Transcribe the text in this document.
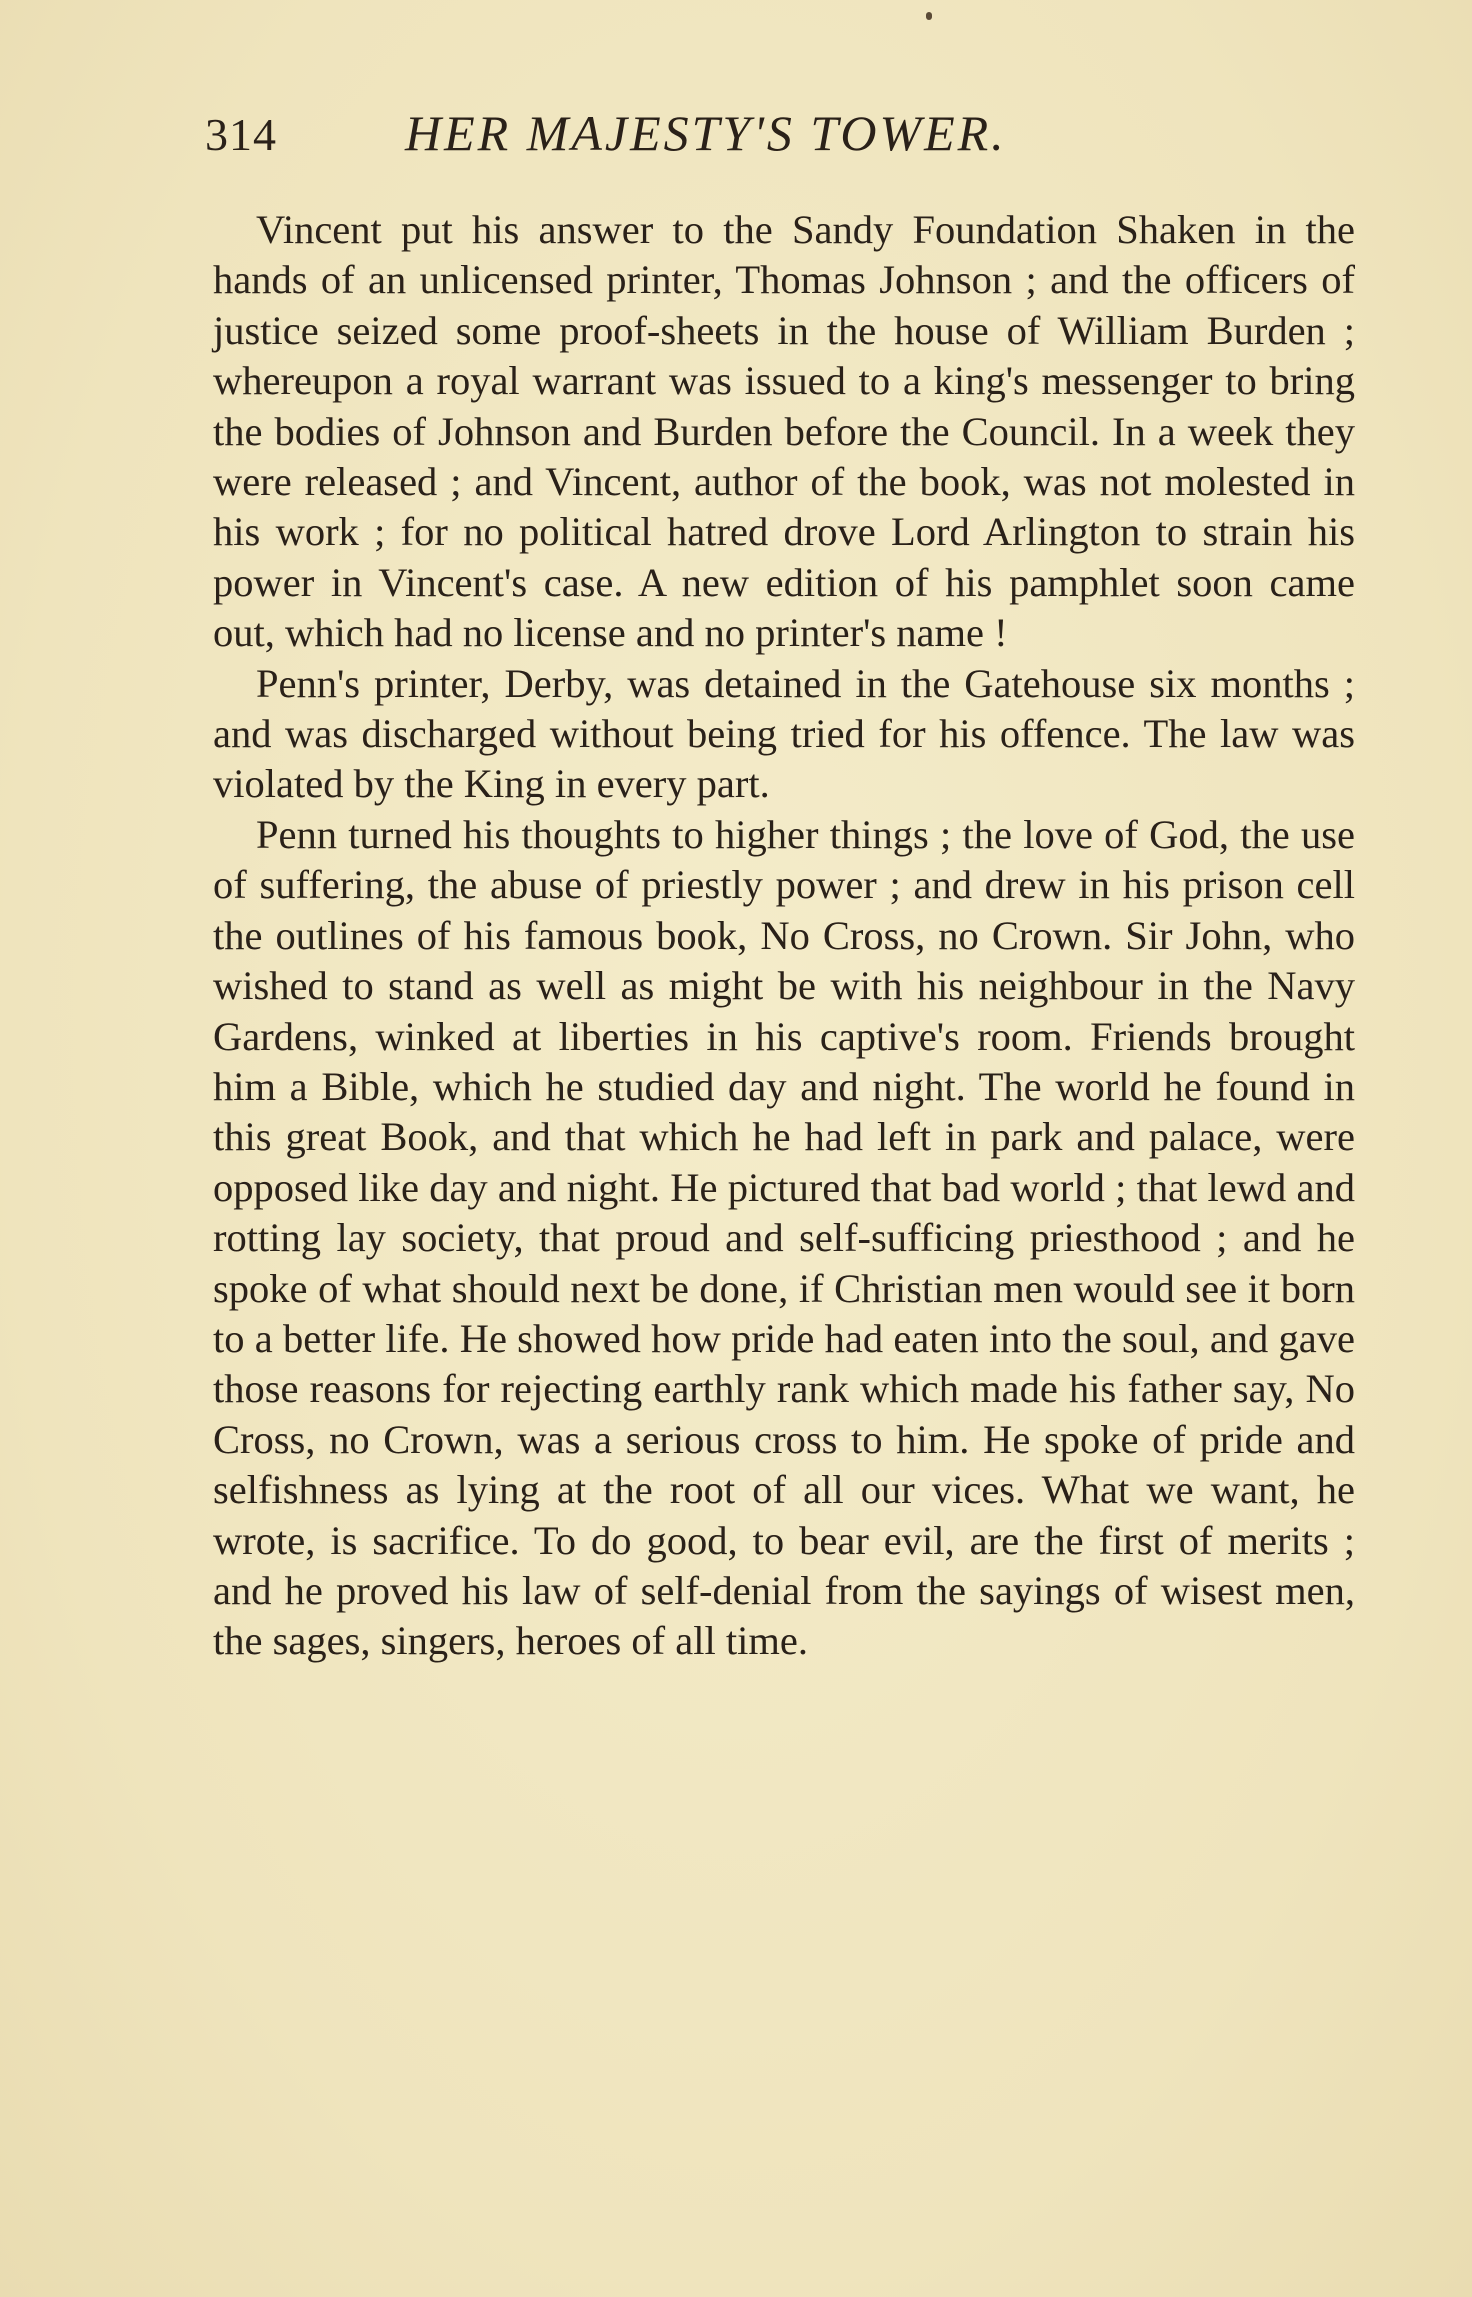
314	HER MAJESTY'S TOWER.

Vincent put his answer to the Sandy Foundation Shaken in the hands of an unlicensed printer, Thomas Johnson ; and the officers of justice seized some proof-sheets in the house of William Burden ; whereupon a royal warrant was issued to a king's messenger to bring the bodies of Johnson and Burden before the Council. In a week they were released ; and Vincent, author of the book, was not molested in his work ; for no political hatred drove Lord Arlington to strain his power in Vincent's case. A new edition of his pamphlet soon came out, which had no license and no printer's name !

Penn's printer, Derby, was detained in the Gatehouse six months ; and was discharged without being tried for his offence. The law was violated by the King in every part.

Penn turned his thoughts to higher things ; the love of God, the use of suffering, the abuse of priestly power ; and drew in his prison cell the outlines of his famous book, No Cross, no Crown. Sir John, who wished to stand as well as might be with his neighbour in the Navy Gardens, winked at liberties in his captive's room. Friends brought him a Bible, which he studied day and night. The world he found in this great Book, and that which he had left in park and palace, were opposed like day and night. He pictured that bad world ; that lewd and rotting lay society, that proud and self-sufficing priesthood ; and he spoke of what should next be done, if Christian men would see it born to a better life. He showed how pride had eaten into the soul, and gave those reasons for rejecting earthly rank which made his father say, No Cross, no Crown, was a serious cross to him. He spoke of pride and selfishness as lying at the root of all our vices. What we want, he wrote, is sacrifice. To do good, to bear evil, are the first of merits ; and he proved his law of self-denial from the sayings of wisest men, the sages, singers, heroes of all time.
